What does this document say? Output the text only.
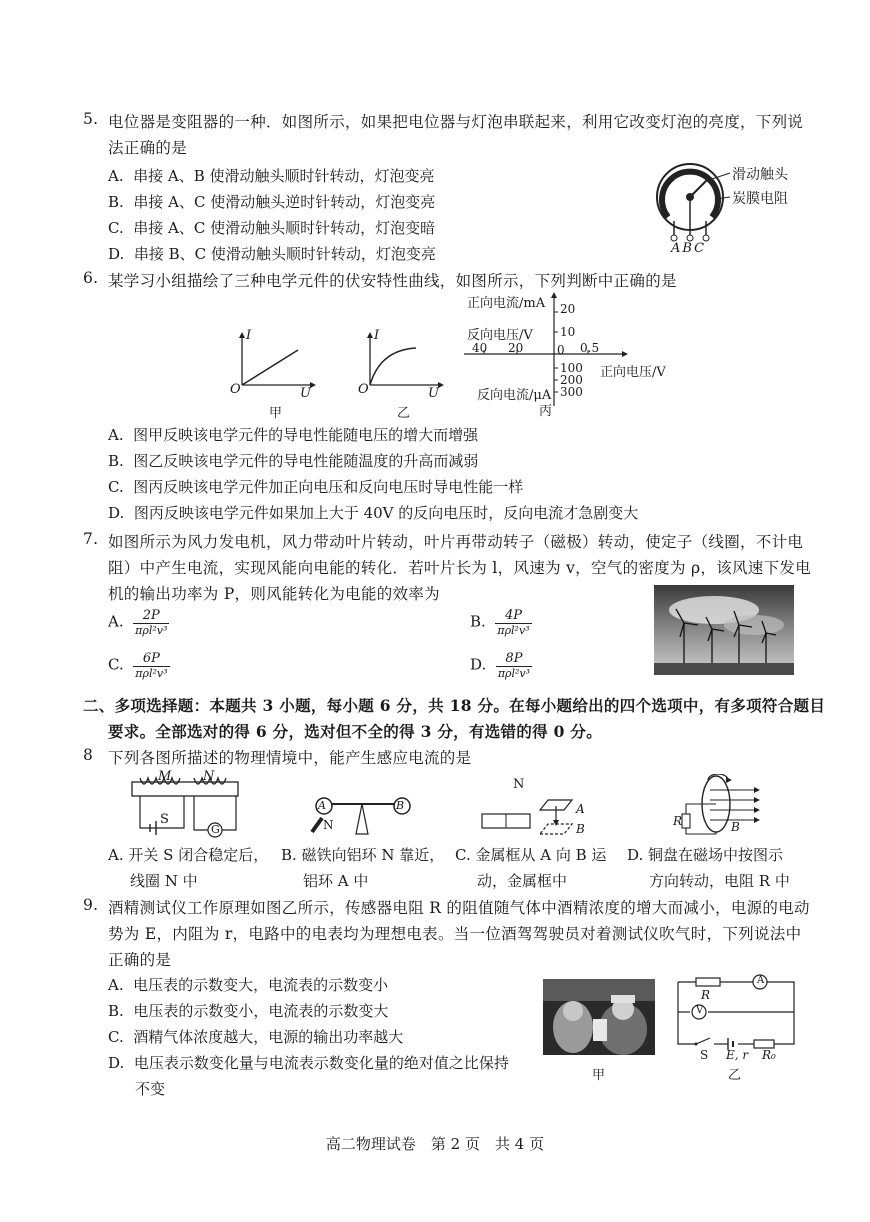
5. 电位器是变阻器的一种．如图所示，如果把电位器与灯泡串联起来，利用它改变灯泡的亮度，下列说
法正确的是
A. 串接 A、B 使滑动触头顺时针转动，灯泡变亮
B. 串接 A、C 使滑动触头逆时针转动，灯泡变亮
C. 串接 A、C 使滑动触头顺时针转动，灯泡变暗
D. 串接 B、C 使滑动触头顺时针转动，灯泡变亮
滑动触头
炭膜电阻
ABC
6. 某学习小组描绘了三种电学元件的伏安特性曲线，如图所示，下列判断中正确的是
I
O	U
甲
I
O	U
乙
正向电流/mA 20
10
反向电压/V
40 20	0 0.5
100 正向电压/V
200
反向电流/μA 300
丙
A. 图甲反映该电学元件的导电性能随电压的增大而增强
B. 图乙反映该电学元件的导电性能随温度的升高而减弱
C. 图丙反映该电学元件加正向电压和反向电压时导电性能一样
D. 图丙反映该电学元件如果加上大于 40V 的反向电压时，反向电流才急剧变大
7. 如图所示为风力发电机，风力带动叶片转动，叶片再带动转子（磁极）转动，使定子（线圈，不计电
阻）中产生电流，实现风能向电能的转化．若叶片长为 l，风速为 v，空气的密度为 ρ，该风速下发电
机的输出功率为 P，则风能转化为电能的效率为
A. $\frac{2P}{\text{πρl²v³}}$	B. $\frac{4P}{\text{πρl²v³}}$
C. $\frac{6P}{\text{πρl²v³}}$	D. $\frac{8P}{\text{πρl²v³}}$
二、多项选择题：本题共 3 小题，每小题 6 分，共 18 分。在每小题给出的四个选项中，有多项符合题目
要求。全部选对的得 6 分，选对但不全的得 3 分，有选错的得 0 分。
8 下列各图所描述的物理情境中，能产生感应电流的是
M N
S
G
A	B
N
N
A
B
R	B
A. 开关 S 闭合稳定后，
线圈 N 中
B. 磁铁向铝环 N 靠近，
铝环 A 中
C. 金属框从 A 向 B 运
动，金属框中
D. 铜盘在磁场中按图示
方向转动，电阻 R 中
9. 酒精测试仪工作原理如图乙所示，传感器电阻 R 的阻值随气体中酒精浓度的增大而减小，电源的电动
势为 E，内阻为 r，电路中的电表均为理想电表。当一位酒驾驾驶员对着测试仪吹气时，下列说法中
正确的是
A. 电压表的示数变大，电流表的示数变小
B. 电压表的示数变小，电流表的示数变大
C. 酒精气体浓度越大，电源的输出功率越大
D. 电压表示数变化量与电流表示数变化量的绝对值之比保持
不变
甲
R
A
V
S E, r R₀
乙
高二物理试卷　第 2 页　共 4 页
